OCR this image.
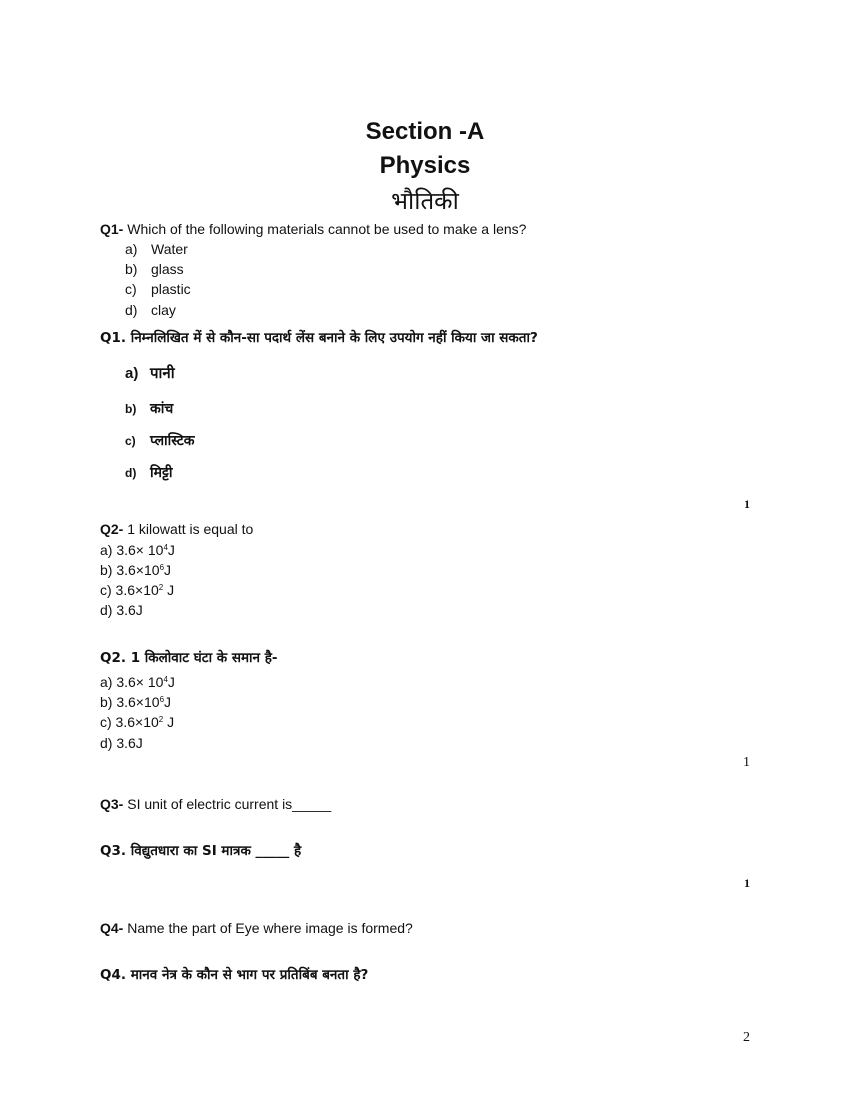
Section -A
Physics
भौतिकी
Q1- Which of the following materials cannot be used to make a lens?
a) Water
b) glass
c) plastic
d) clay
Q1. निम्नलिखित में से कौन-सा पदार्थ लेंस बनाने के लिए उपयोग नहीं किया जा सकता?
a) पानी
b) कांच
c) प्लास्टिक
d) मिट्टी
1
Q2- 1 kilowatt is equal to
a) $3.6\times 10^4J$
b) $3.6\times 10^6J$
c) $3.6\times 10^2$ J
d) 3.6J
Q2. 1 किलोवाट घंटा के समान है-
a) $3.6\times 10^4J$
b) $3.6\times 10^6J$
c) $3.6\times 10^2$ J
d) 3.6J
1
Q3- SI unit of electric current is_____
Q3. विद्युतधारा का SI मात्रक _____ है
1
Q4- Name the part of Eye where image is formed?
Q4. मानव नेत्र के कौन से भाग पर प्रतिबिंब बनता है?
2
